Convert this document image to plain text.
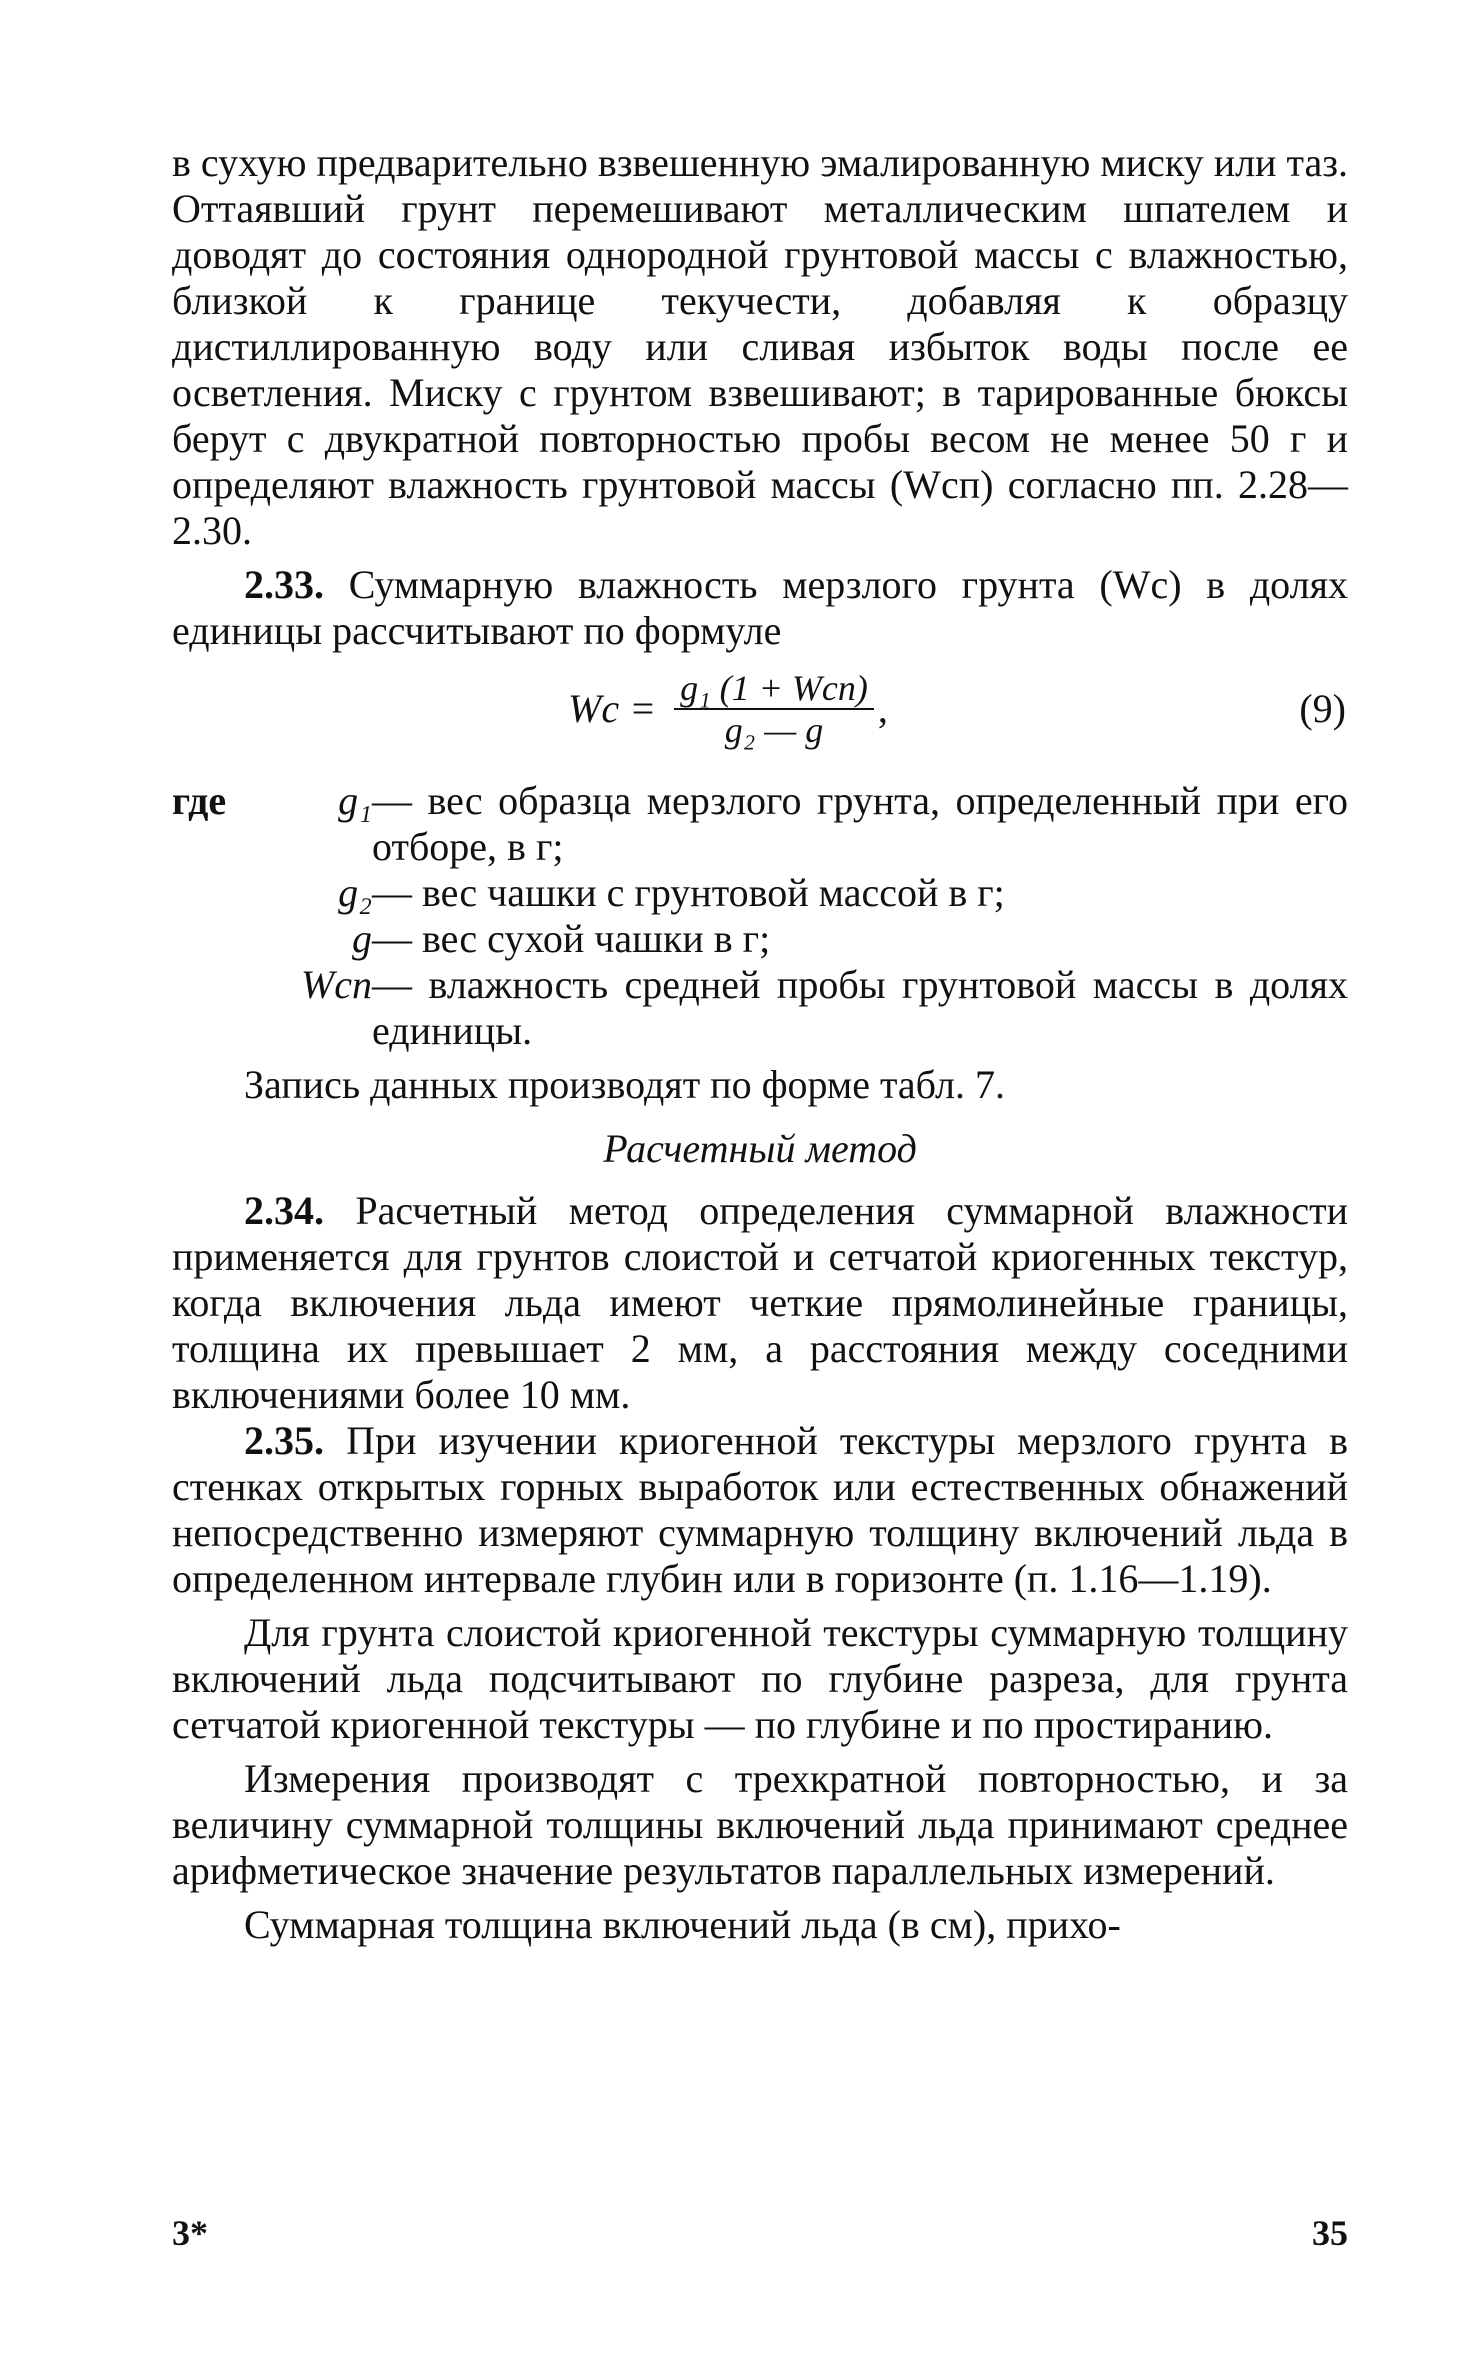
в сухую предварительно взвешенную эмалированную миску или таз. Оттаявший грунт перемешивают металлическим шпателем и доводят до состояния однородной грунтовой массы с влажностью, близкой к границе текучести, добавляя к образцу дистиллированную воду или сливая избыток воды после ее осветления. Миску с грунтом взвешивают; в тарированные бюксы берут с двукратной повторностью пробы весом не менее 50 г и определяют влажность грунтовой массы (Wсп) согласно пп. 2.28—2.30.

2.33. Суммарную влажность мерзлого грунта (Wс) в долях единицы рассчитывают по формуле

Wс = $\frac{\text{g₁ (1 + Wсп)}}{\text{g₂ — g}}$ ,	(9)
где	g₁ — вес образца мерзлого грунта, определенный при его отборе, в г;
g₂ — вес чашки с грунтовой массой в г;
g — вес сухой чашки в г;
Wсп — влажность средней пробы грунтовой массы в долях единицы.

Запись данных производят по форме табл. 7.

Расчетный метод

2.34. Расчетный метод определения суммарной влажности применяется для грунтов слоистой и сетчатой криогенных текстур, когда включения льда имеют четкие прямолинейные границы, толщина их превышает 2 мм, а расстояния между соседними включениями более 10 мм.

2.35. При изучении криогенной текстуры мерзлого грунта в стенках открытых горных выработок или естественных обнажений непосредственно измеряют суммарную толщину включений льда в определенном интервале глубин или в горизонте (п. 1.16—1.19).

Для грунта слоистой криогенной текстуры суммарную толщину включений льда подсчитывают по глубине разреза, для грунта сетчатой криогенной текстуры — по глубине и по простиранию.

Измерения производят с трехкратной повторностью, и за величину суммарной толщины включений льда принимают среднее арифметическое значение результатов параллельных измерений.

Суммарная толщина включений льда (в см), прихо-

3*	35
